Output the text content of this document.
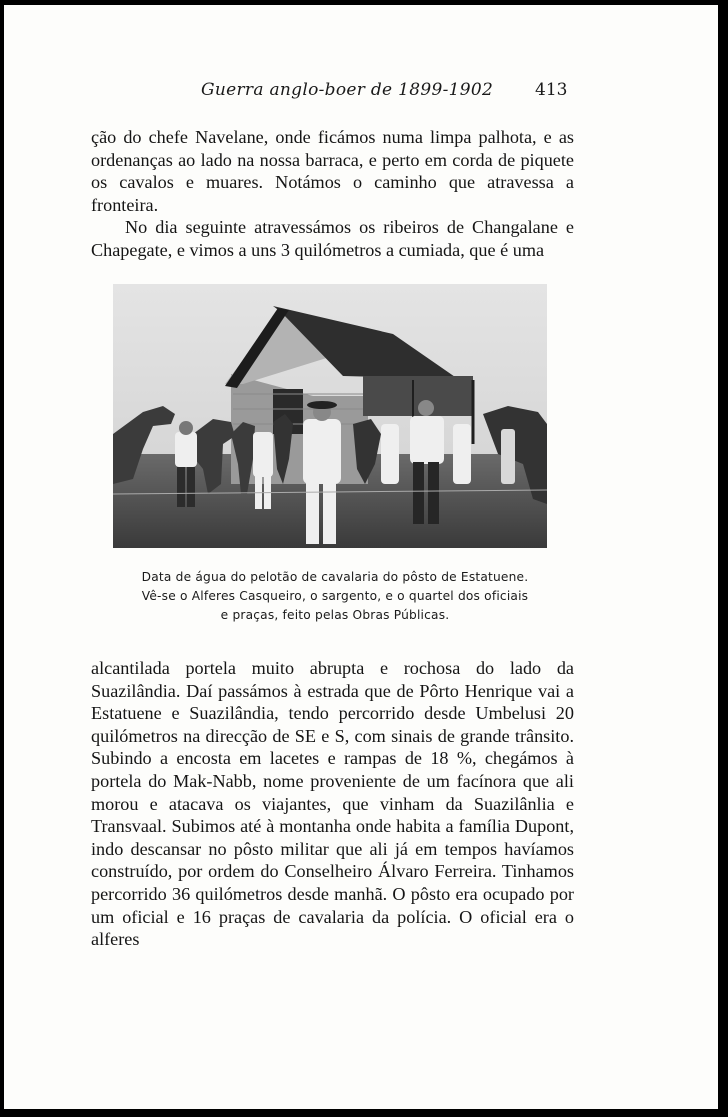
Guerra anglo-boer de 1899-1902 413

ção do chefe Navelane, onde ficámos numa limpa palhota, e as ordenanças ao lado na nossa barraca, e perto em corda de piquete os cavalos e muares. Notámos o caminho que atravessa a fronteira.

No dia seguinte atravessámos os ribeiros de Changalane e Chapegate, e vimos a uns 3 quilómetros a cumiada, que é uma

Data de água do pelotão de cavalaria do pôsto de Estatuene.

Vê-se o Alferes Casqueiro, o sargento, e o quartel dos oficiais

e praças, feito pelas Obras Públicas.

alcantilada portela muito abrupta e rochosa do lado da Suazilândia. Daí passámos à estrada que de Pôrto Henrique vai a Estatuene e Suazilândia, tendo percorrido desde Umbelusi 20 quilómetros na direcção de SE e S, com sinais de grande trânsito. Subindo a encosta em lacetes e rampas de 18 %, chegámos à portela do Mak-Nabb, nome proveniente de um facínora que ali morou e atacava os viajantes, que vinham da Suazilânlia e Transvaal. Subimos até à montanha onde habita a família Dupont, indo descansar no pôsto militar que ali já em tempos havíamos construído, por ordem do Conselheiro Álvaro Ferreira. Tinhamos percorrido 36 quilómetros desde manhã. O pôsto era ocupado por um oficial e 16 praças de cavalaria da polícia. O oficial era o alferes
